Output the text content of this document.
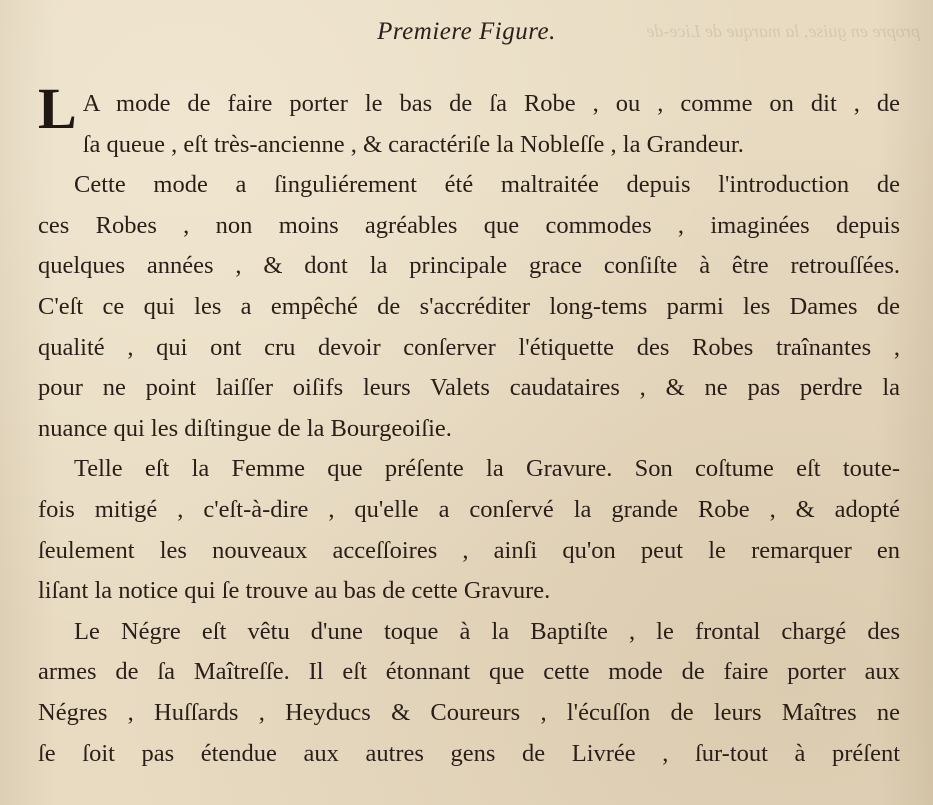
propre en guise, la marque de Lice-de
Premiere Figure.

L A mode de faire porter le bas de ſa Robe , ou , comme on dit , de
ſa queue , eſt très-ancienne , & caractériſe la Nobleſſe , la Grandeur.

Cette mode a ſinguliérement été maltraitée depuis l'introduction de
ces Robes , non moins agréables que commodes , imaginées depuis
quelques années , & dont la principale grace conſiſte à être retrouſſées.
C'eſt ce qui les a empêché de s'accréditer long-tems parmi les Dames de
qualité , qui ont cru devoir conſerver l'étiquette des Robes traînantes ,
pour ne point laiſſer oiſifs leurs Valets caudataires , & ne pas perdre la
nuance qui les diſtingue de la Bourgeoiſie.

Telle eſt la Femme que préſente la Gravure. Son coſtume eſt toute-
fois mitigé , c'eſt-à-dire , qu'elle a conſervé la grande Robe , & adopté
ſeulement les nouveaux acceſſoires , ainſi qu'on peut le remarquer en
liſant la notice qui ſe trouve au bas de cette Gravure.

Le Négre eſt vêtu d'une toque à la Baptiſte , le frontal chargé des
armes de ſa Maîtreſſe. Il eſt étonnant que cette mode de faire porter aux
Négres , Huſſards , Heyducs & Coureurs , l'écuſſon de leurs Maîtres ne
ſe ſoit pas étendue aux autres gens de Livrée , ſur-tout à préſent
